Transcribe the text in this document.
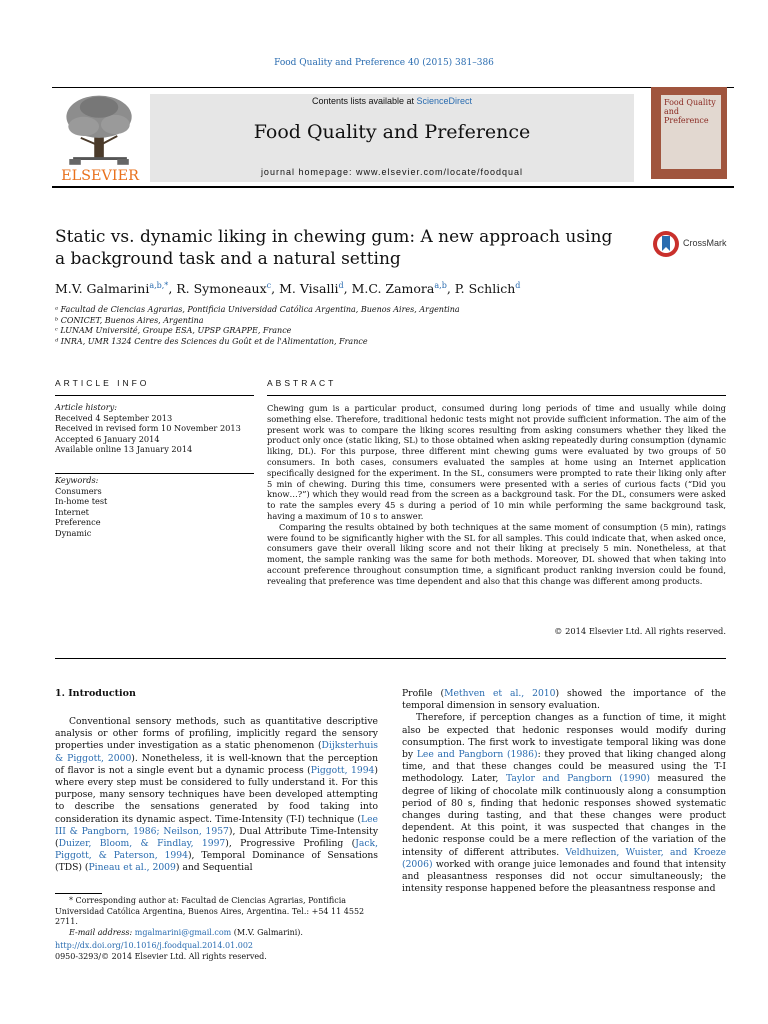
Food Quality and Preference 40 (2015) 381–386
ELSEVIER
Contents lists available at ScienceDirect
Food Quality and Preference
journal homepage: www.elsevier.com/locate/foodqual
Food Quality and Preference
Static vs. dynamic liking in chewing gum: A new approach using a background task and a natural setting
CrossMark
M.V. Galmarini$^{a,b,*}$, R. Symoneaux$^c$, M. Visalli$^d$, M.C. Zamora$^{a,b}$, P. Schlich$^d$
ᵃ Facultad de Ciencias Agrarias, Pontificia Universidad Católica Argentina, Buenos Aires, Argentina
ᵇ CONICET, Buenos Aires, Argentina
ᶜ LUNAM Université, Groupe ESA, UPSP GRAPPE, France
ᵈ INRA, UMR 1324 Centre des Sciences du Goût et de l'Alimentation, France
ARTICLE INFO	ABSTRACT
Article history:
Received 4 September 2013
Received in revised form 10 November 2013
Accepted 6 January 2014
Available online 13 January 2014
Keywords:
Consumers
In-home test
Internet
Preference
Dynamic

Chewing gum is a particular product, consumed during long periods of time and usually while doing something else. Therefore, traditional hedonic tests might not provide sufficient information. The aim of the present work was to compare the liking scores resulting from asking consumers whether they liked the product only once (static liking, SL) to those obtained when asking repeatedly during consumption (dynamic liking, DL). For this purpose, three different mint chewing gums were evaluated by two groups of 50 consumers. In both cases, consumers evaluated the samples at home using an Internet application specifically designed for the experiment. In the SL, consumers were prompted to rate their liking only after 5 min of chewing. During this time, consumers were presented with a series of curious facts (“Did you know…?”) which they would read from the screen as a background task. For the DL, consumers were asked to rate the samples every 45 s during a period of 10 min while performing the same background task, having a maximum of 10 s to answer.

Comparing the results obtained by both techniques at the same moment of consumption (5 min), ratings were found to be significantly higher with the SL for all samples. This could indicate that, when asked once, consumers gave their overall liking score and not their liking at precisely 5 min. Nonetheless, at that moment, the sample ranking was the same for both methods. Moreover, DL showed that when taking into account preference throughout consumption time, a significant product ranking inversion could be found, revealing that preference was time dependent and also that this change was different among products.

© 2014 Elsevier Ltd. All rights reserved.
1. Introduction

Conventional sensory methods, such as quantitative descriptive analysis or other forms of profiling, implicitly regard the sensory properties under investigation as a static phenomenon (Dijksterhuis & Piggott, 2000). Nonetheless, it is well-known that the perception of flavor is not a single event but a dynamic process (Piggott, 1994) where every step must be considered to fully understand it. For this purpose, many sensory techniques have been developed attempting to describe the sensations generated by food taking into consideration its dynamic aspect. Time-Intensity (T-I) technique (Lee III & Pangborn, 1986; Neilson, 1957), Dual Attribute Time-Intensity (Duizer, Bloom, & Findlay, 1997), Progressive Profiling (Jack, Piggott, & Paterson, 1994), Temporal Dominance of Sensations (TDS) (Pineau et al., 2009) and Sequential

Profile (Methven et al., 2010) showed the importance of the temporal dimension in sensory evaluation.

Therefore, if perception changes as a function of time, it might also be expected that hedonic responses would modify during consumption. The first work to investigate temporal liking was done by Lee and Pangborn (1986): they proved that liking changed along time, and that these changes could be measured using the T-I methodology. Later, Taylor and Pangborn (1990) measured the degree of liking of chocolate milk continuously along a consumption period of 80 s, finding that hedonic responses showed systematic changes during tasting, and that these changes were product dependent. At this point, it was suspected that changes in the hedonic response could be a mere reflection of the variation of the intensity of different attributes. Veldhuizen, Wuister, and Kroeze (2006) worked with orange juice lemonades and found that intensity and pleasantness responses did not occur simultaneously; the intensity response happened before the pleasantness response and

* Corresponding author at: Facultad de Ciencias Agrarias, Pontificia Universidad Católica Argentina, Buenos Aires, Argentina. Tel.: +54 11 4552 2711.

E-mail address: mgalmarini@gmail.com (M.V. Galmarini).

http://dx.doi.org/10.1016/j.foodqual.2014.01.002
0950-3293/© 2014 Elsevier Ltd. All rights reserved.
